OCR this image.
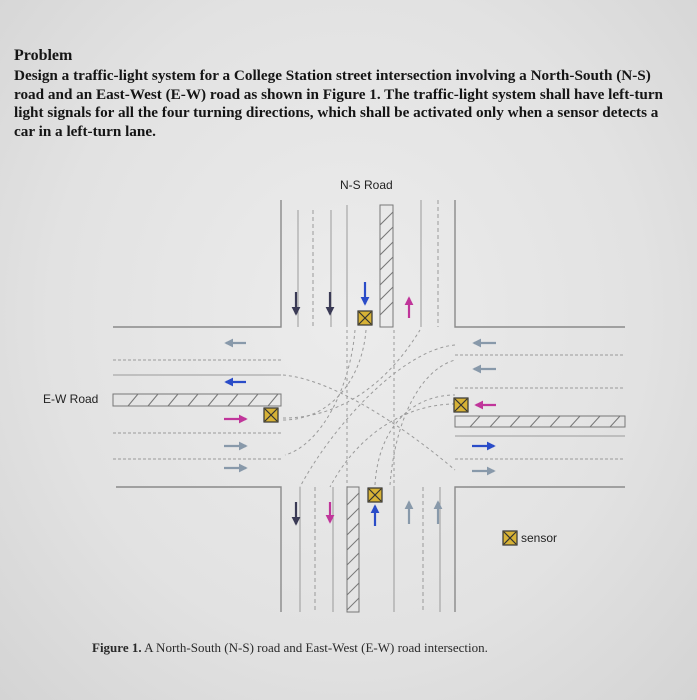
Problem

Design a traffic-light system for a College Station street intersection involving a North-South (N-S) road and an East-West (E-W) road as shown in Figure 1. The traffic-light system shall have left-turn light signals for all the four turning directions, which shall be activated only when a sensor detects a car in a left-turn lane.

N-S Road
E-W Road
sensor
Figure 1. A North-South (N-S) road and East-West (E-W) road intersection.
